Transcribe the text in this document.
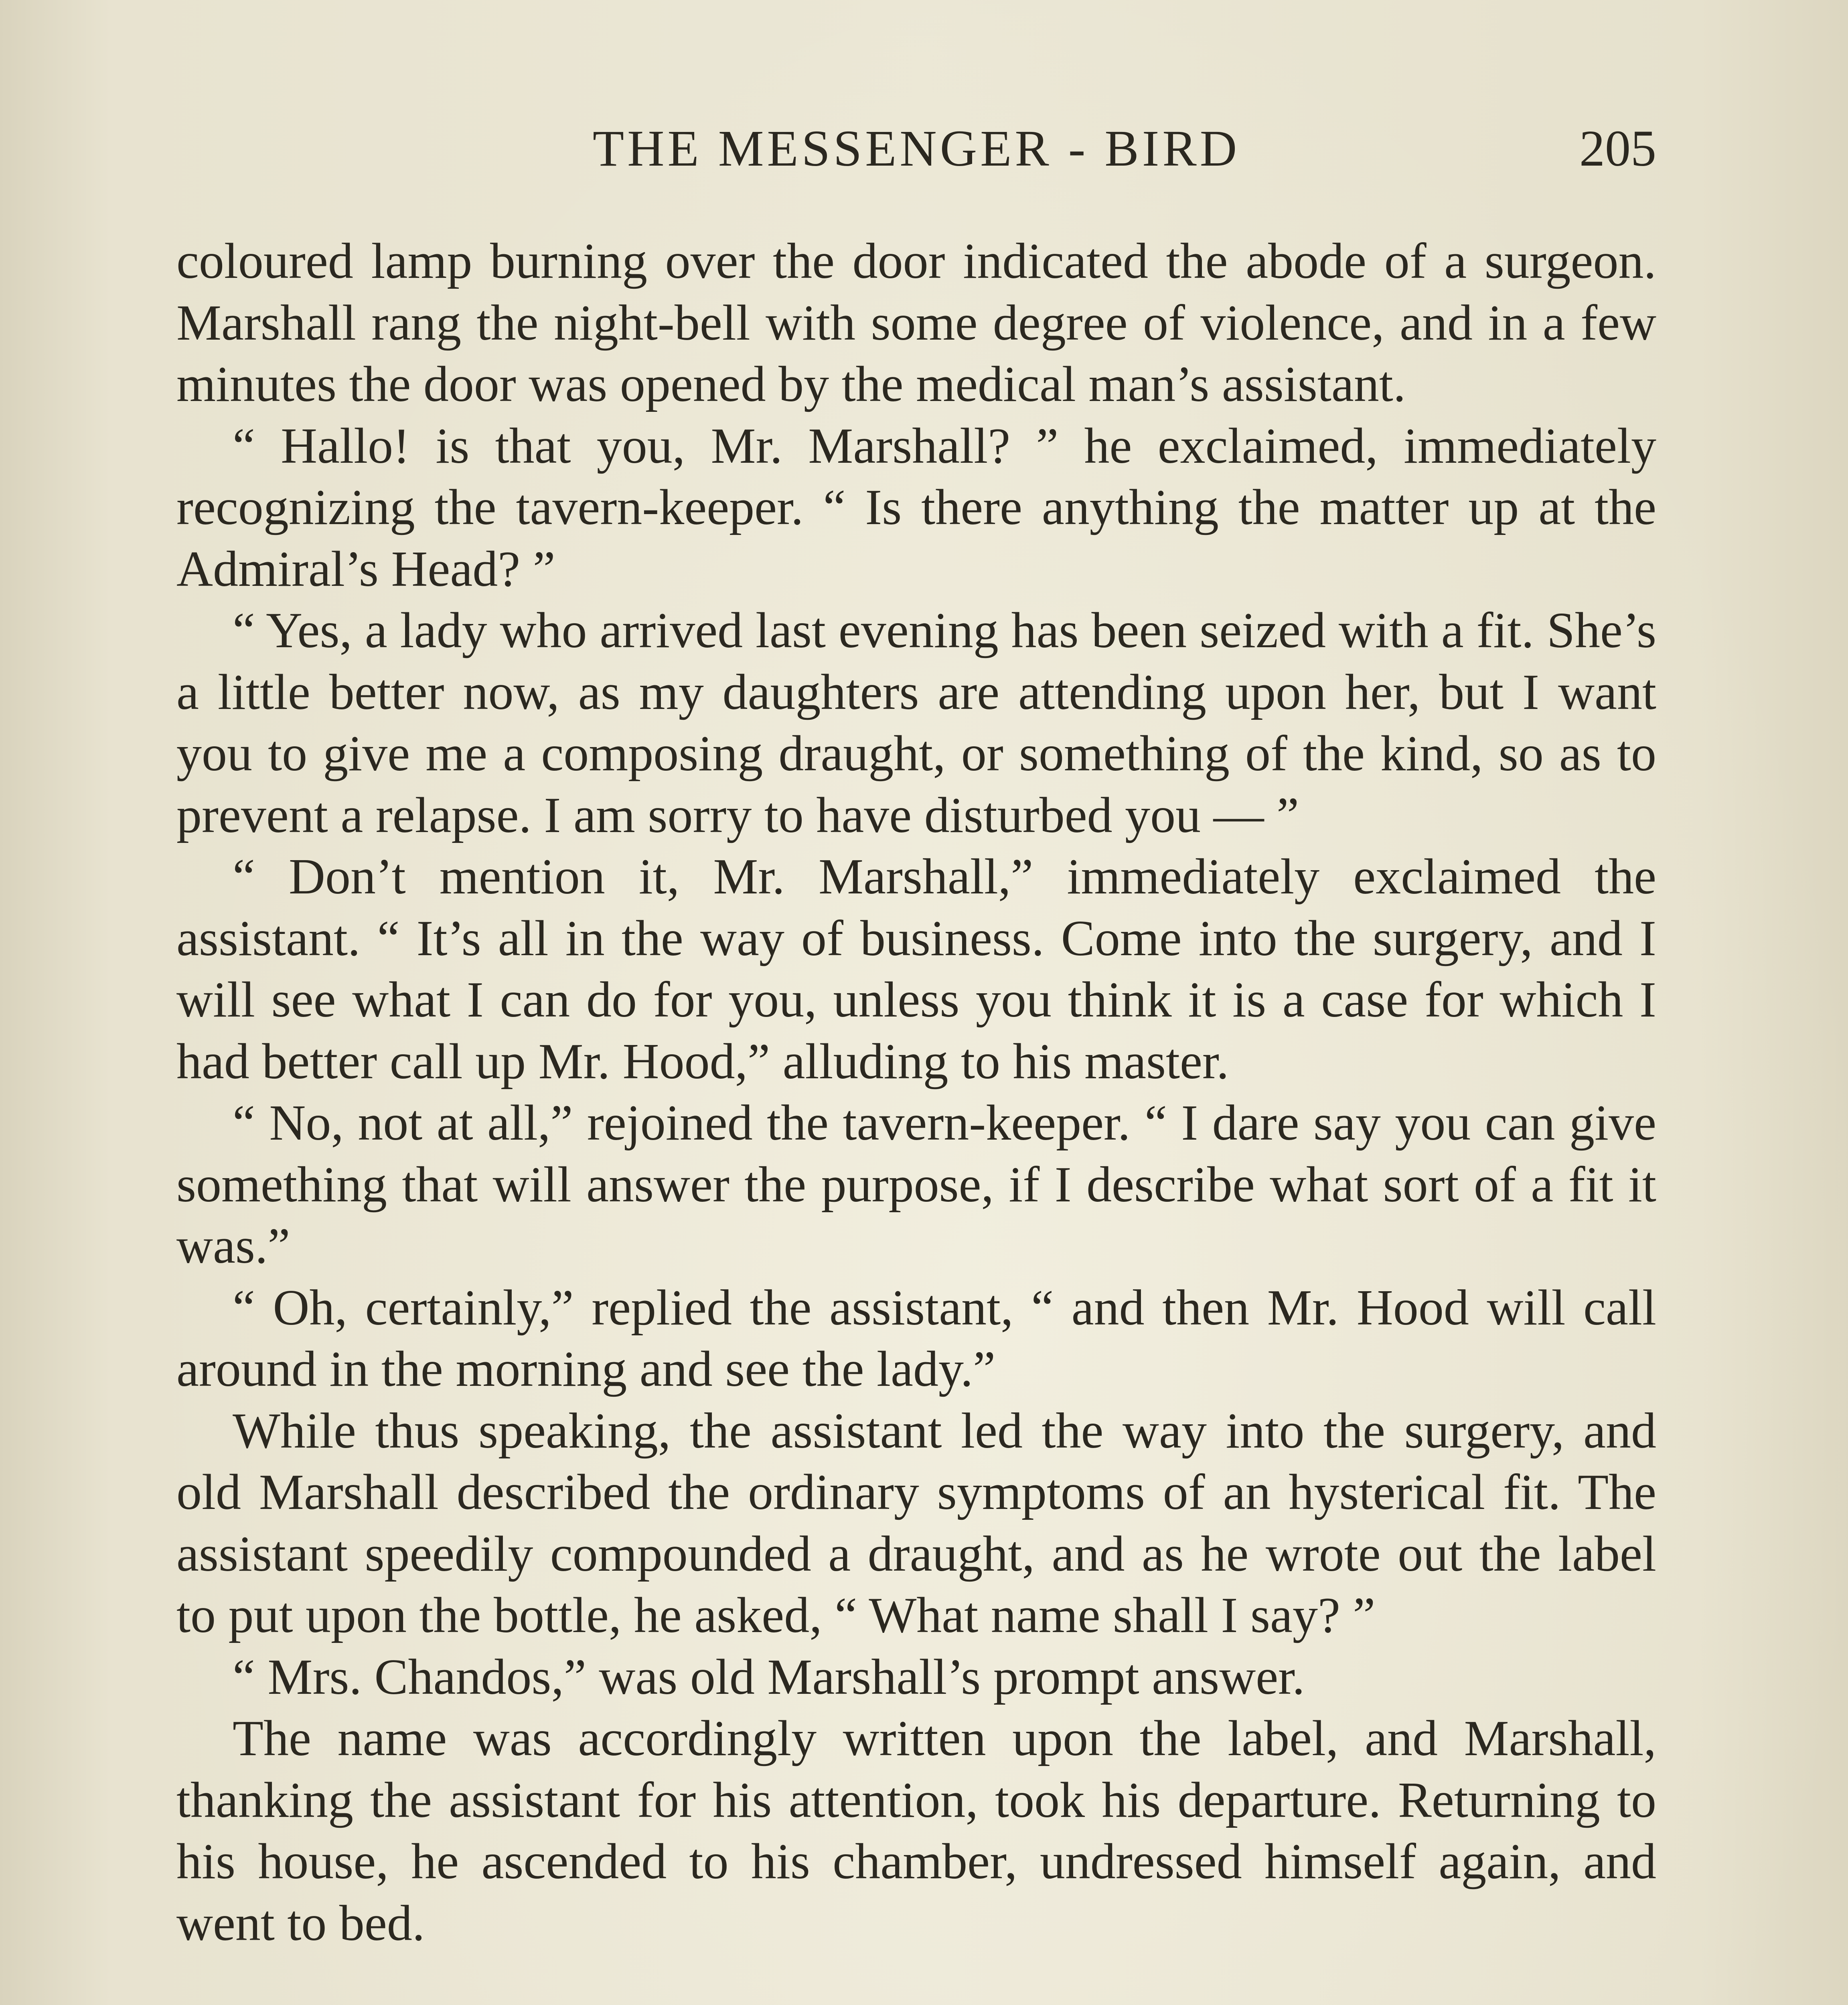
THE MESSENGER - BIRD	205

coloured lamp burning over the door indicated the abode of a surgeon. Marshall rang the night-bell with some degree of violence, and in a few minutes the door was opened by the medical man’s assistant.

“ Hallo! is that you, Mr. Marshall? ” he exclaimed, immediately recognizing the tavern-keeper. “ Is there anything the matter up at the Admiral’s Head? ”

“ Yes, a lady who arrived last evening has been seized with a fit. She’s a little better now, as my daughters are attending upon her, but I want you to give me a composing draught, or something of the kind, so as to prevent a relapse. I am sorry to have disturbed you — ”

“ Don’t mention it, Mr. Marshall,” immediately exclaimed the assistant. “ It’s all in the way of business. Come into the surgery, and I will see what I can do for you, unless you think it is a case for which I had better call up Mr. Hood,” alluding to his master.

“ No, not at all,” rejoined the tavern-keeper. “ I dare say you can give something that will answer the purpose, if I describe what sort of a fit it was.”

“ Oh, certainly,” replied the assistant, “ and then Mr. Hood will call around in the morning and see the lady.”

While thus speaking, the assistant led the way into the surgery, and old Marshall described the ordinary symptoms of an hysterical fit. The assistant speedily compounded a draught, and as he wrote out the label to put upon the bottle, he asked, “ What name shall I say? ”

“ Mrs. Chandos,” was old Marshall’s prompt answer.

The name was accordingly written upon the label, and Marshall, thanking the assistant for his attention, took his departure. Returning to his house, he ascended to his chamber, undressed himself again, and went to bed.
